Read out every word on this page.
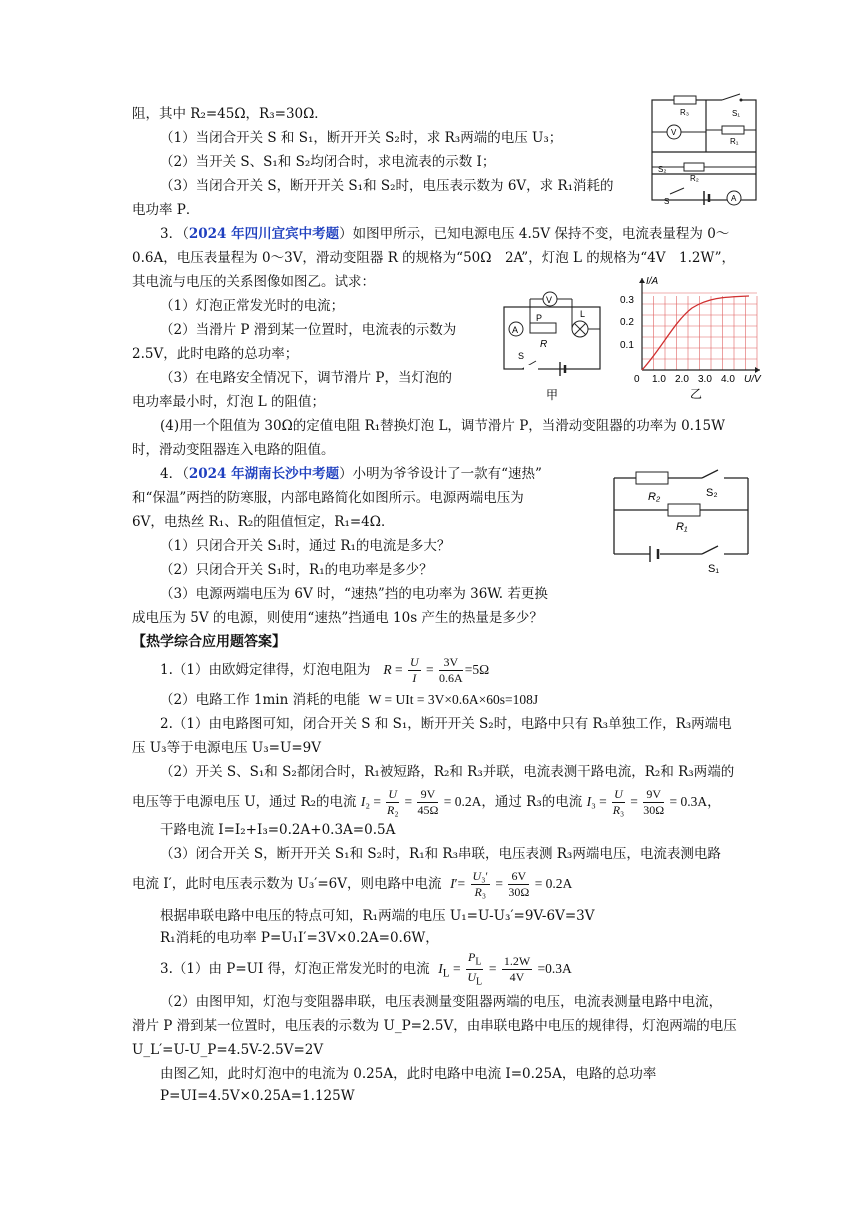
阻，其中 R₂=45Ω，R₃=30Ω．
（1）当闭合开关 S 和 S₁，断开开关 S₂时，求 R₃两端的电压 U₃；
（2）当开关 S、S₁和 S₂均闭合时，求电流表的示数 I；
（3）当闭合开关 S，断开开关 S₁和 S₂时，电压表示数为 6V，求 R₁消耗的
电功率 P．
R₃	S₁
V
R₁
R₂
S₂
S	A
3．（2024 年四川宜宾中考题）如图甲所示，已知电源电压 4.5V 保持不变，电流表量程为 0～
0.6A，电压表量程为 0～3V，滑动变阻器 R 的规格为“50Ω　2A”，灯泡 L 的规格为“4V　1.2W”，
其电流与电压的关系图像如图乙。试求：
（1）灯泡正常发光时的电流；
（2）当滑片 P 滑到某一位置时，电流表的示数为
2.5V，此时电路的总功率；
（3）在电路安全情况下，调节滑片 P，当灯泡的
电功率最小时，灯泡 L 的阻值；
(4)用一个阻值为 30Ω的定值电阻 R₁替换灯泡 L，调节滑片 P，当滑动变阻器的功率为 0.15W
时，滑动变阻器连入电路的阻值。
V
A
P
R
L
S
甲
I/A
U/V
0.3
0.2
0.1
0 1.0 2.0 3.0 4.0
乙
4．（2024 年湖南长沙中考题）小明为爷爷设计了一款有“速热”
和“保温”两挡的防寒服，内部电路简化如图所示。电源两端电压为
6V，电热丝 R₁、R₂的阻值恒定，R₁=4Ω．
（1）只闭合开关 S₁时，通过 R₁的电流是多大？
（2）只闭合开关 S₁时，R₁的电功率是多少？
（3）电源两端电压为 6V 时，“速热”挡的电功率为 36W. 若更换
成电压为 5V 的电源，则使用“速热”挡通电 10s 产生的热量是多少？
R₂	S₂
R₁
S₁
【热学综合应用题答案】
1.（1）由欧姆定律得，灯泡电阻为 $R = \frac{U}{I} = \frac{3V}{0.6A} =5\Omega$
（2）电路工作 1min 消耗的电能 W = UIt = 3V×0.6A×60s=108J
2.（1）由电路图可知，闭合开关 S 和 S₁，断开开关 S₂时，电路中只有 R₃单独工作，R₃两端电
压 U₃等于电源电压 U₃=U=9V
（2）开关 S、S₁和 S₂都闭合时，R₁被短路，R₂和 R₃并联，电流表测干路电流，R₂和 R₃两端的
电压等于电源电压 U，通过 R₂的电流 $I_2 = \frac{U}{\text{R₂}} = \frac{9V}{45\Omega} = 0.2A$，通过 R₃的电流 $I_3 = \frac{U}{\text{R₃}} = \frac{9V}{30\Omega} = 0.3A$，
干路电流 I=I₂+I₃=0.2A+0.3A=0.5A
（3）闭合开关 S，断开开关 S₁和 S₂时，R₁和 R₃串联，电压表测 R₃两端电压，电流表测电路
电流 I′，此时电压表示数为 U₃′=6V，则电路中电流 $I'= \frac{\text{U₃′}}{\text{R₃}} = \frac{6V}{30\Omega} = 0.2A$
根据串联电路中电压的特点可知，R₁两端的电压 U₁=U-U₃′=9V-6V=3V
R₁消耗的电功率 P=U₁I′=3V×0.2A=0.6W，
3.（1）由 P=UI 得，灯泡正常发光时的电流 $I_L = \frac{P_L}{U_L} = \frac{1.2W}{4V} =0.3A$
（2）由图甲知，灯泡与变阻器串联，电压表测量变阻器两端的电压，电流表测量电路中电流，
滑片 P 滑到某一位置时，电压表的示数为 U_P=2.5V，由串联电路中电压的规律得，灯泡两端的电压
U_L′=U-U_P=4.5V-2.5V=2V
由图乙知，此时灯泡中的电流为 0.25A，此时电路中电流 I=0.25A，电路的总功率
P=UI=4.5V×0.25A=1.125W
